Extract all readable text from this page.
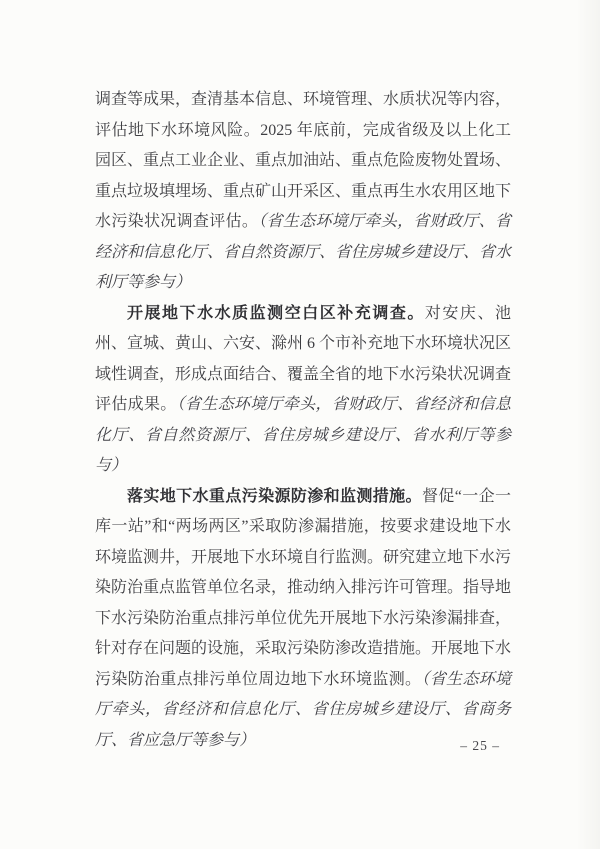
调查等成果，查清基本信息、环境管理、水质状况等内容，评估地下水环境风险。2025 年底前，完成省级及以上化工园区、重点工业企业、重点加油站、重点危险废物处置场、重点垃圾填埋场、重点矿山开采区、重点再生水农用区地下水污染状况调查评估。（省生态环境厅牵头，省财政厅、省经济和信息化厅、省自然资源厅、省住房城乡建设厅、省水利厅等参与）

开展地下水水质监测空白区补充调查。对安庆、池州、宣城、黄山、六安、滁州 6 个市补充地下水环境状况区域性调查，形成点面结合、覆盖全省的地下水污染状况调查评估成果。（省生态环境厅牵头，省财政厅、省经济和信息化厅、省自然资源厅、省住房城乡建设厅、省水利厅等参与）

落实地下水重点污染源防渗和监测措施。督促“一企一库一站”和“两场两区”采取防渗漏措施，按要求建设地下水环境监测井，开展地下水环境自行监测。研究建立地下水污染防治重点监管单位名录，推动纳入排污许可管理。指导地下水污染防治重点排污单位优先开展地下水污染渗漏排查，针对存在问题的设施，采取污染防渗改造措施。开展地下水污染防治重点排污单位周边地下水环境监测。（省生态环境厅牵头，省经济和信息化厅、省住房城乡建设厅、省商务厅、省应急厅等参与）	– 25 –
